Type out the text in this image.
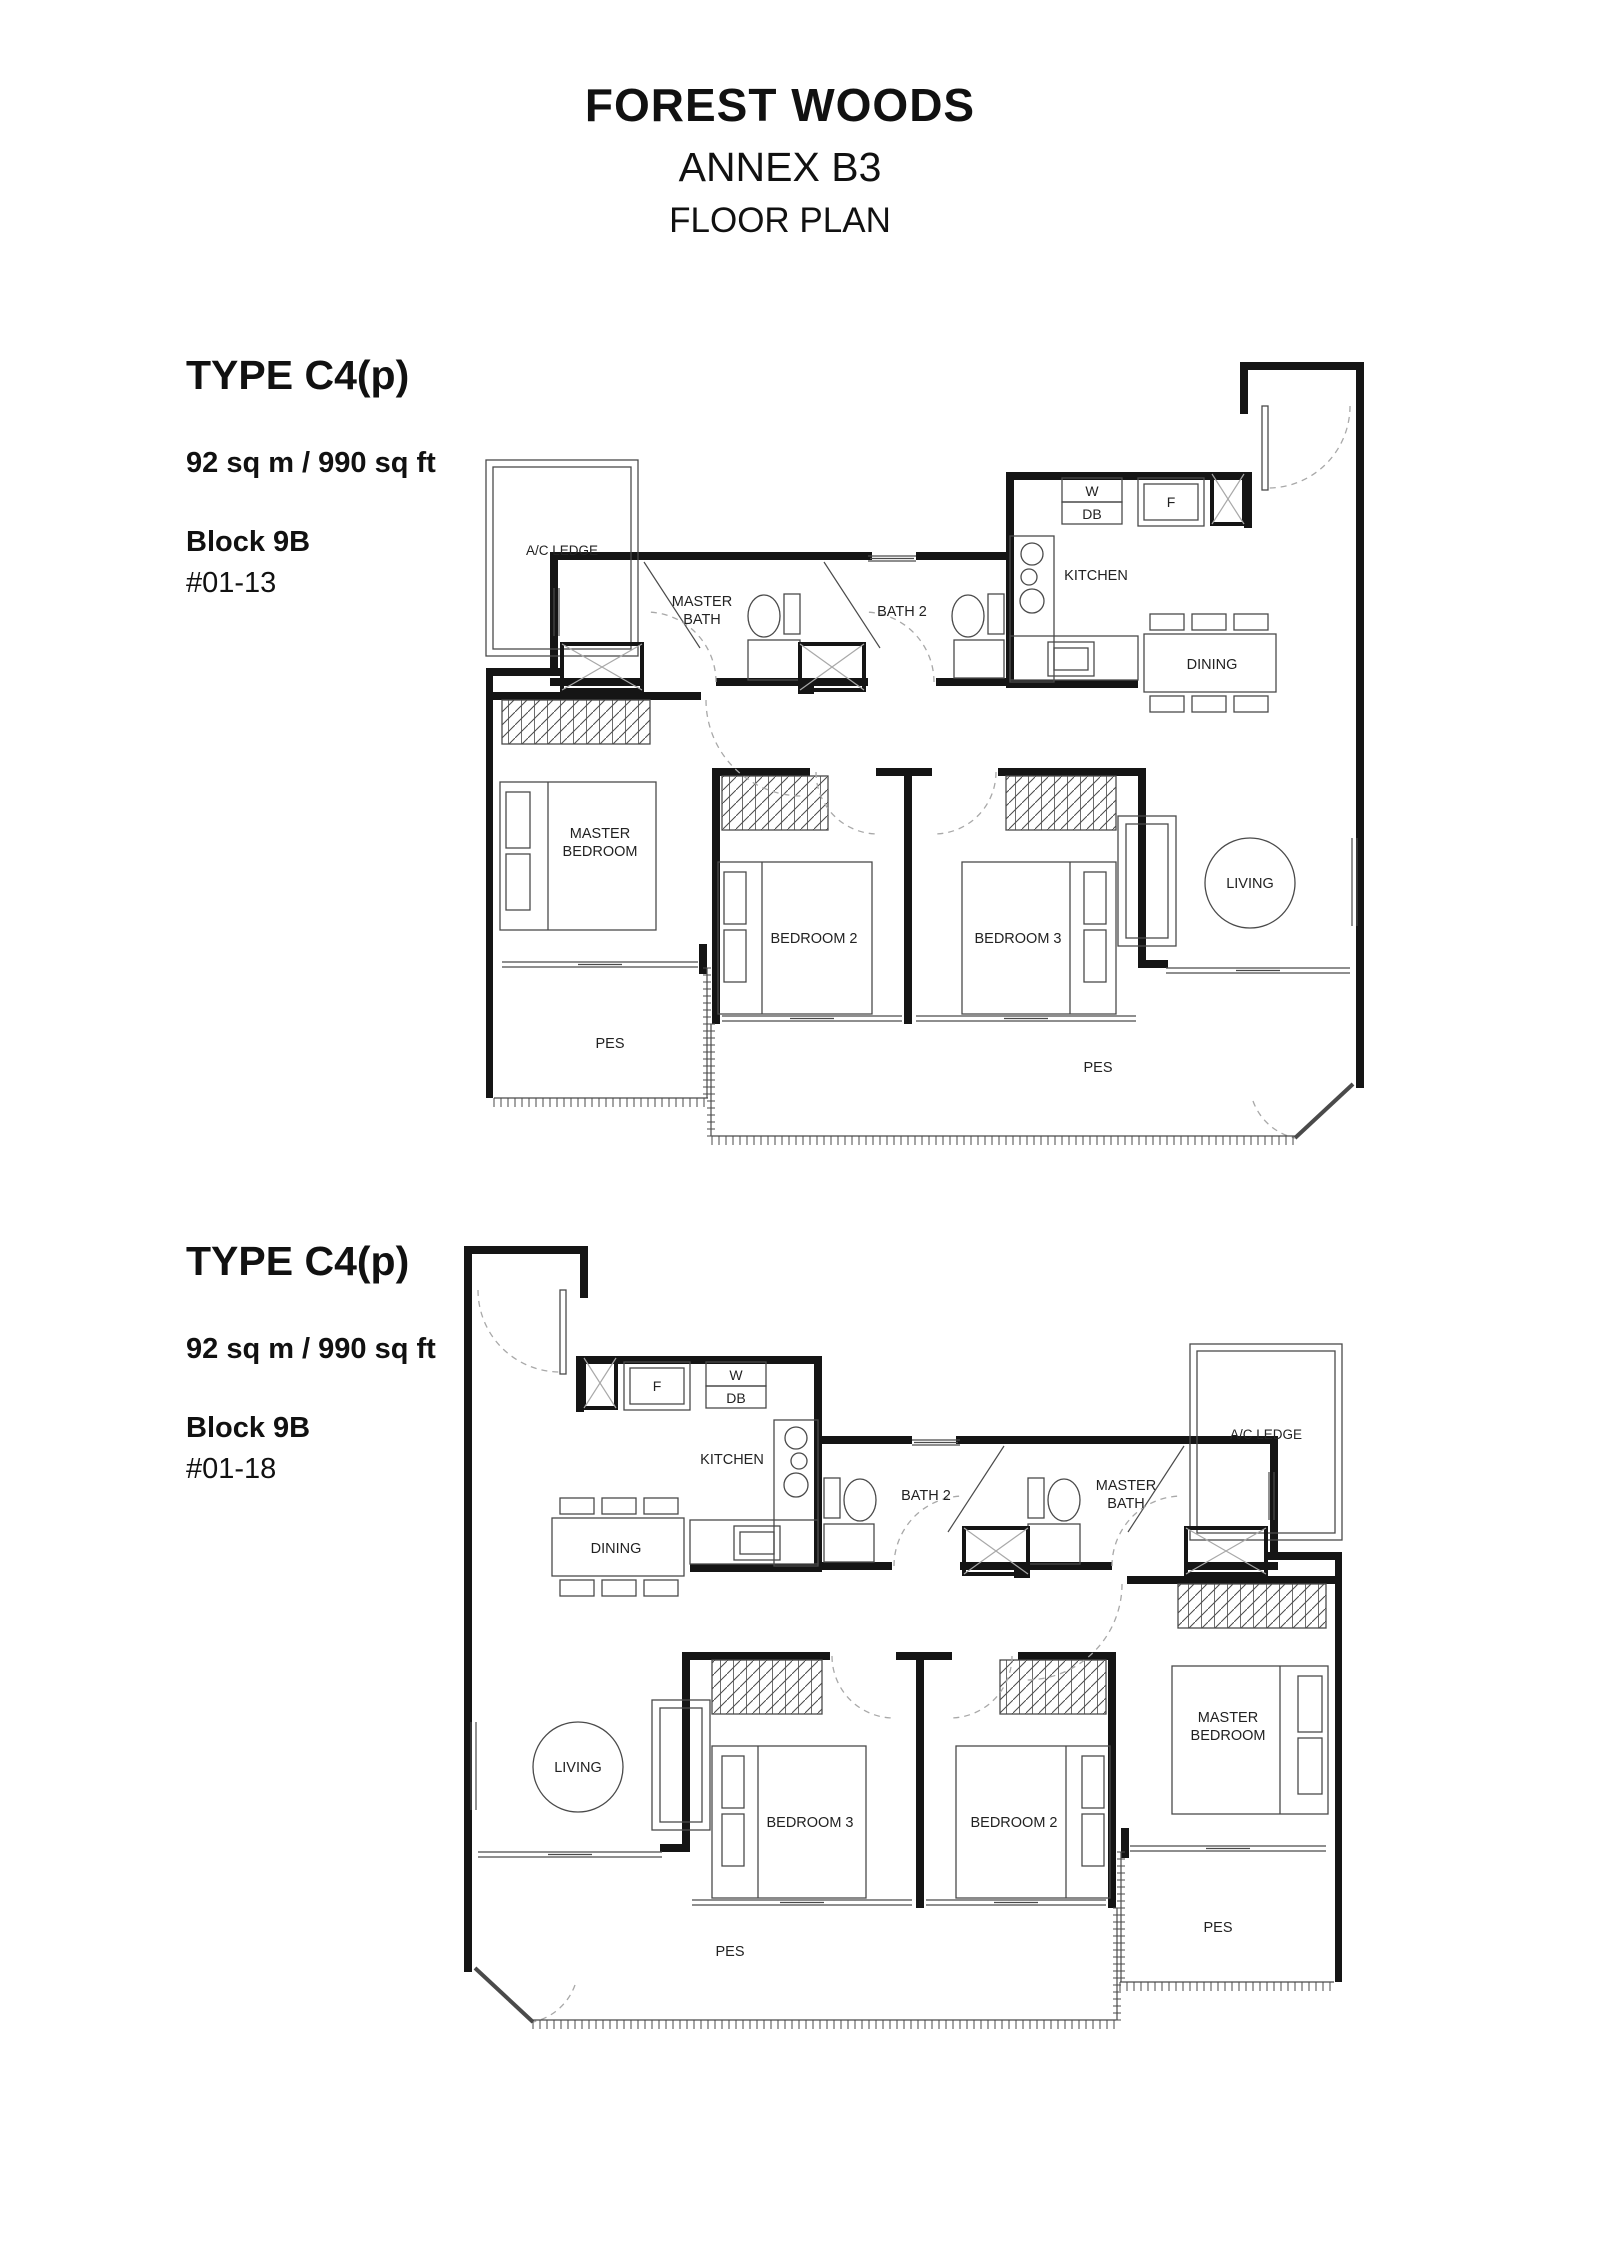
FOREST WOODS
ANNEX B3
FLOOR PLAN
TYPE C4(p)
92 sq m / 990 sq ft
Block 9B
#01-13
A/C LEDGE
MASTER
BATH	BATH 2
KITCHEN
W
DB
F
DINING
LIVING
MASTER
BEDROOM
BEDROOM 2	BEDROOM 3
PES
PES
TYPE C4(p)
92 sq m / 990 sq ft
Block 9B
#01-18
A/C LEDGE
MASTER
BATH
BATH 2
KITCHEN
W
DB
F
DINING
LIVING
MASTER
BEDROOM
BEDROOM 2
BEDROOM 3
PES
PES
